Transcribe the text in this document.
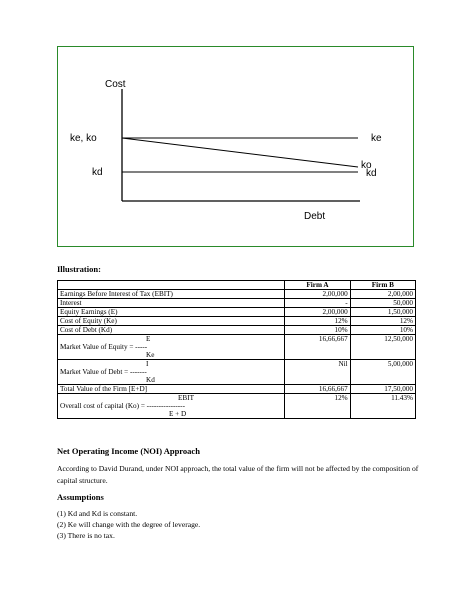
Cost
ke, ko
kd
ke
ko
kd
Debt
Illustration:
	Firm A	Firm B
Earnings Before Interest of Tax (EBIT)	2,00,000	2,00,000
Interest	-	50,000
Equity Earnings (E)	2,00,000	1,50,000
Cost of Equity (Ke)	12%	12%
Cost of Debt (Kd)	10%	10%

E
Market Value of Equity = -----
Ke	16,66,667	12,50,000

I
Market Value of Debt = -------
Kd	Nil	5,00,000
Total Value of the Firm [E+D]	16,66,667	17,50,000

EBIT
Overall cost of capital (Ko) = ----------------
E + D	12%	11.43%
Net Operating Income (NOI) Approach
According to David Durand, under NOI approach, the total value of the firm will not be affected by the composition of capital structure.
Assumptions
(1) Kd and Kd is constant.
(2) Ke will change with the degree of leverage.
(3) There is no tax.
